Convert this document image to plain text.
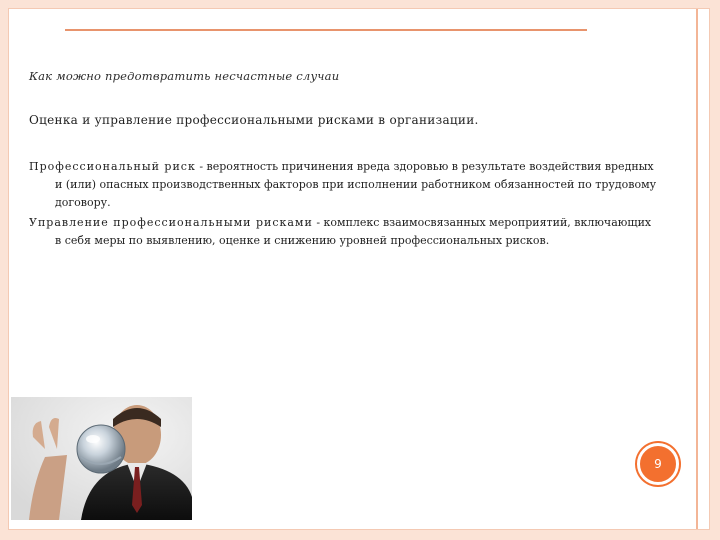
Как можно предотвратить несчастные случаи
Оценка и управление профессиональными рисками в организации.
Профессиональный риск - вероятность причинения вреда здоровью в результате воздействия вредных и (или) опасных производственных факторов при исполнении работником обязанностей по трудовому договору.
Управление профессиональными рисками - комплекс взаимосвязанных мероприятий, включающих в себя меры по выявлению, оценке и снижению уровней профессиональных рисков.
9
